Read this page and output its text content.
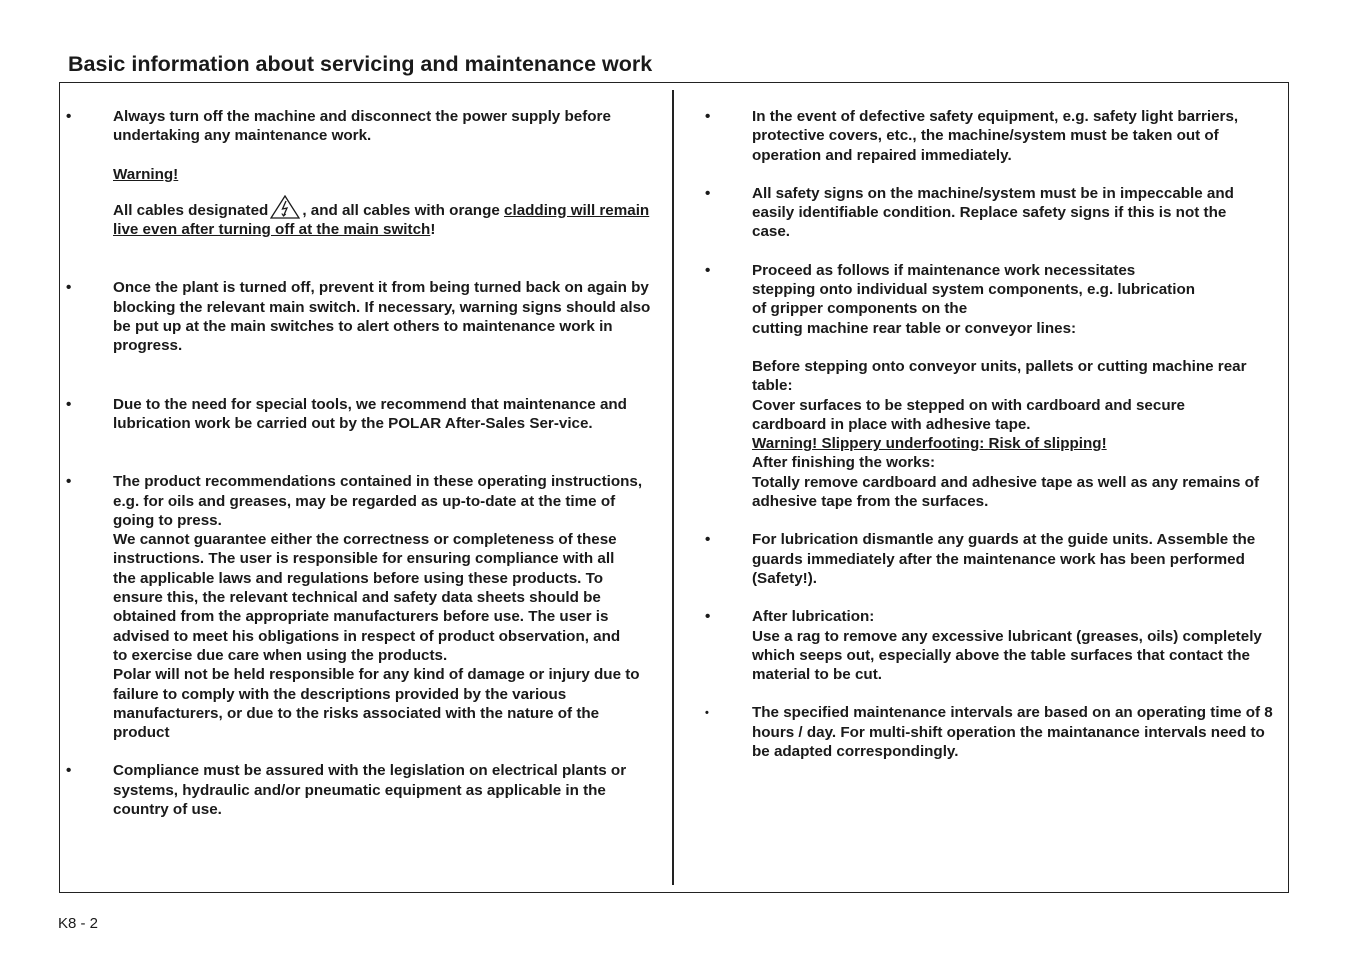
Basic information about servicing and maintenance work
•	Always turn off the machine and disconnect the power supply before undertaking any maintenance work.

Warning!

All cables designated , and all cables with orange cladding will remain live even after turning off at the main switch!

•	Once the plant is turned off, prevent it from being turned back on again by blocking the relevant main switch. If necessary, warning signs should also be put up at the main switches to alert others to maintenance work in progress.

•	Due to the need for special tools, we recommend that maintenance and lubrication work be carried out by the POLAR After-Sales Ser-vice.

•	The product recommendations contained in these operating instructions, e.g. for oils and greases, may be regarded as up-to-date at the time of going to press.

We cannot guarantee either the correctness or completeness of these instructions. The user is responsible for ensuring compliance with all the applicable laws and regulations before using these products. To ensure this, the relevant technical and safety data sheets should be obtained from the appropriate manufacturers before use. The user is advised to meet his obligations in respect of product observation, and to exercise due care when using the products.

Polar will not be held responsible for any kind of damage or injury due to failure to comply with the descriptions provided by the various manufacturers, or due to the risks associated with the nature of the product

•	Compliance must be assured with the legislation on electrical plants or systems, hydraulic and/or pneumatic equipment as applicable in the country of use.

•	In the event of defective safety equipment, e.g. safety light barriers, protective covers, etc., the machine/system must be taken out of operation and repaired immediately.

•	All safety signs on the machine/system must be in impeccable and easily identifiable condition. Replace safety signs if this is not the case.

•	Proceed as follows if maintenance work necessitates stepping onto individual system components, e.g. lubrication of gripper components on the

cutting machine rear table or conveyor lines:

Before stepping onto conveyor units, pallets or cutting machine rear table:

Cover surfaces to be stepped on with cardboard and secure cardboard in place with adhesive tape.

Warning! Slippery underfooting: Risk of slipping!

After finishing the works:

Totally remove cardboard and adhesive tape as well as any remains of adhesive tape from the surfaces.

•	For lubrication dismantle any guards at the guide units. Assemble the guards immediately after the maintenance work has been performed (Safety!).

•	After lubrication:

Use a rag to remove any excessive lubricant (greases, oils) completely which seeps out, especially above the table surfaces that contact the material to be cut.

•	The specified maintenance intervals are based on an operating time of 8 hours / day. For multi-shift operation the maintanance intervals need to be adapted correspondingly.

K8 - 2
